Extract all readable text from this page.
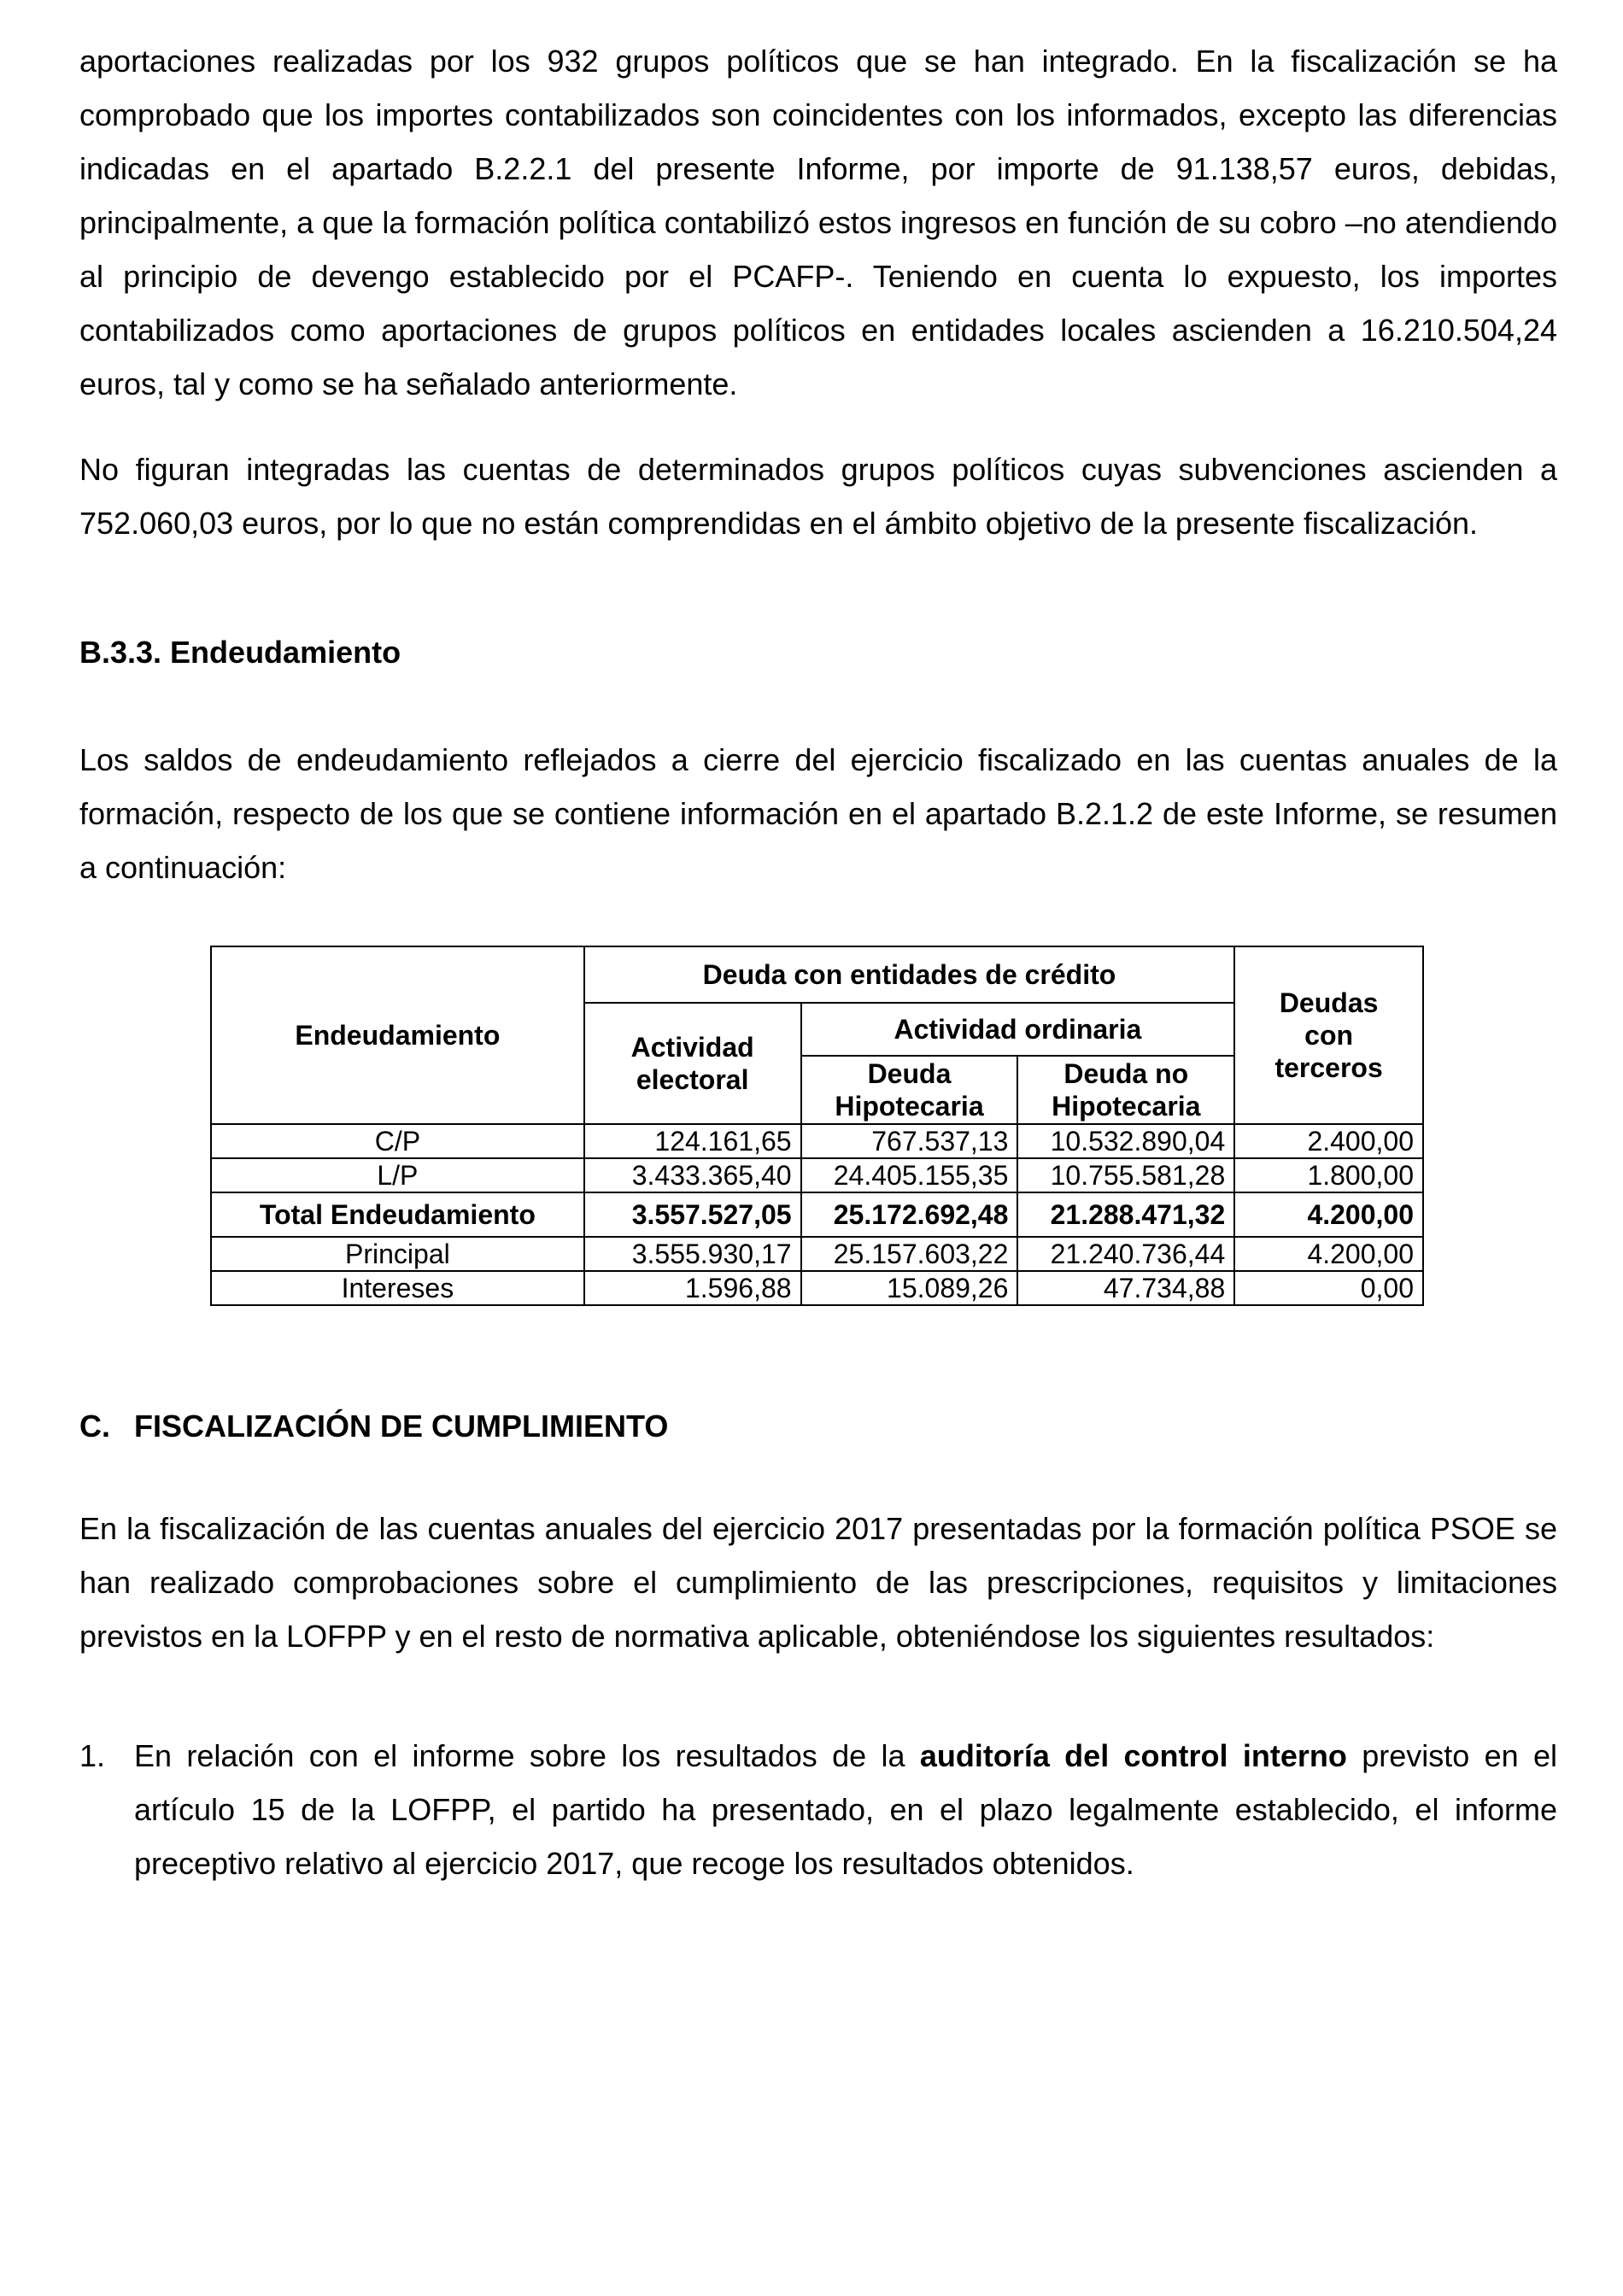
aportaciones realizadas por los 932 grupos políticos que se han integrado. En la fiscalización se ha comprobado que los importes contabilizados son coincidentes con los informados, excepto las diferencias indicadas en el apartado B.2.2.1 del presente Informe, por importe de 91.138,57 euros, debidas, principalmente, a que la formación política contabilizó estos ingresos en función de su cobro –no atendiendo al principio de devengo establecido por el PCAFP-. Teniendo en cuenta lo expuesto, los importes contabilizados como aportaciones de grupos políticos en entidades locales ascienden a 16.210.504,24 euros, tal y como se ha señalado anteriormente.

No figuran integradas las cuentas de determinados grupos políticos cuyas subvenciones ascienden a 752.060,03 euros, por lo que no están comprendidas en el ámbito objetivo de la presente fiscalización.

B.3.3. Endeudamiento

Los saldos de endeudamiento reflejados a cierre del ejercicio fiscalizado en las cuentas anuales de la formación, respecto de los que se contiene información en el apartado B.2.1.2 de este Informe, se resumen a continuación:

C. FISCALIZACIÓN DE CUMPLIMIENTO

En la fiscalización de las cuentas anuales del ejercicio 2017 presentadas por la formación política PSOE se han realizado comprobaciones sobre el cumplimiento de las prescripciones, requisitos y limitaciones previstos en la LOFPP y en el resto de normativa aplicable, obteniéndose los siguientes resultados:

1. En relación con el informe sobre los resultados de la auditoría del control interno previsto en el artículo 15 de la LOFPP, el partido ha presentado, en el plazo legalmente establecido, el informe preceptivo relativo al ejercicio 2017, que recoge los resultados obtenidos.
Endeudamiento	Deuda con entidades de crédito			Deudas con terceros
	Actividad electoral	Actividad ordinaria		
		Deuda Hipotecaria	Deuda no Hipotecaria	
C/P	124.161,65	767.537,13	10.532.890,04	2.400,00
L/P	3.433.365,40	24.405.155,35	10.755.581,28	1.800,00
Total Endeudamiento	3.557.527,05	25.172.692,48	21.288.471,32	4.200,00
Principal	3.555.930,17	25.157.603,22	21.240.736,44	4.200,00
Intereses	1.596,88	15.089,26	47.734,88	0,00
